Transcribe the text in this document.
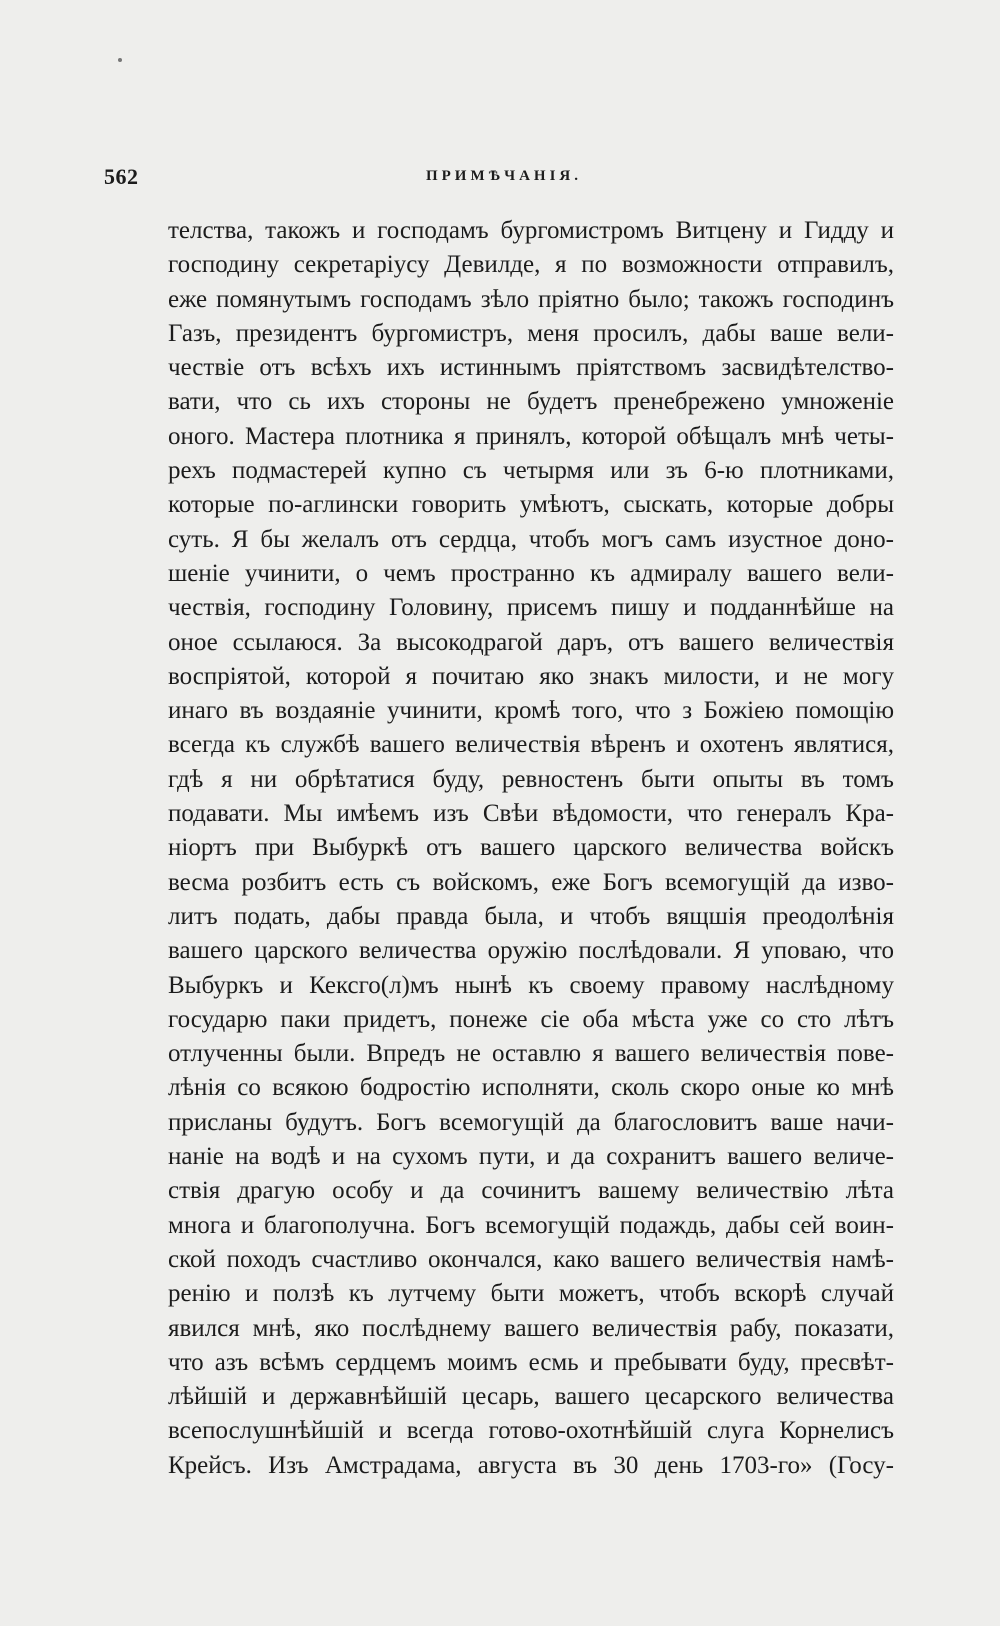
562	ПРИМѢЧАНІЯ.
телства, такожъ и господамъ бургомистромъ Витцену и Гидду и
господину секретаріусу Девилде, я по возможности отправилъ,
еже помянутымъ господамъ зѣло пріятно было; такожъ господинъ
Газъ, президентъ бургомистръ, меня просилъ, дабы ваше вели-
чествіе отъ всѣхъ ихъ истиннымъ пріятствомъ засвидѣтелство-
вати, что сь ихъ стороны не будетъ пренебрежено умноженіе
оного. Мастера плотника я принялъ, которой обѣщалъ мнѣ четы-
рехъ подмастерей купно съ четырмя или зъ 6-ю плотниками,
которые по-аглински говорить умѣютъ, сыскать, которые добры
суть. Я бы желалъ отъ сердца, чтобъ могъ самъ изустное доно-
шеніе учинити, о чемъ пространно къ адмиралу вашего вели-
чествія, господину Головину, присемъ пишу и подданнѣйше на
оное ссылаюся. За высокодрагой даръ, отъ вашего величествія
воспріятой, которой я почитаю яко знакъ милости, и не могу
инаго въ воздаяніе учинити, кромѣ того, что з Божіею помощію
всегда къ службѣ вашего величествія вѣренъ и охотенъ являтися,
гдѣ я ни обрѣтатися буду, ревностенъ быти опыты въ томъ
подавати. Мы имѣемъ изъ Свѣи вѣдомости, что генералъ Кра-
ніортъ при Выбуркѣ отъ вашего царского величества войскъ
весма розбитъ есть съ войскомъ, еже Богъ всемогущій да изво-
литъ подать, дабы правда была, и чтобъ вящшія преодолѣнія
вашего царского величества оружію послѣдовали. Я уповаю, что
Выбуркъ и Кексго(л)мъ нынѣ къ своему правому наслѣдному
государю паки придетъ, понеже сіе оба мѣста уже со сто лѣтъ
отлученны были. Впредъ не оставлю я вашего величествія пове-
лѣнія со всякою бодростію исполняти, сколь скоро оные ко мнѣ
присланы будутъ. Богъ всемогущій да благословитъ ваше начи-
наніе на водѣ и на сухомъ пути, и да сохранитъ вашего величе-
ствія драгую особу и да сочинитъ вашему величествію лѣта
многа и благополучна. Богъ всемогущій подаждь, дабы сей воин-
ской походъ счастливо окончался, како вашего величествія намѣ-
ренію и ползѣ къ лутчему быти можетъ, чтобъ вскорѣ случай
явился мнѣ, яко послѣднему вашего величествія рабу, показати,
что азъ всѣмъ сердцемъ моимъ есмь и пребывати буду, пресвѣт-
лѣйшій и державнѣйшій цесарь, вашего цесарского величества
всепослушнѣйшій и всегда готово-охотнѣйшій слуга Корнелисъ
Крейсъ. Изъ Амстрадама, августа въ 30 день 1703-го» (Госу-
